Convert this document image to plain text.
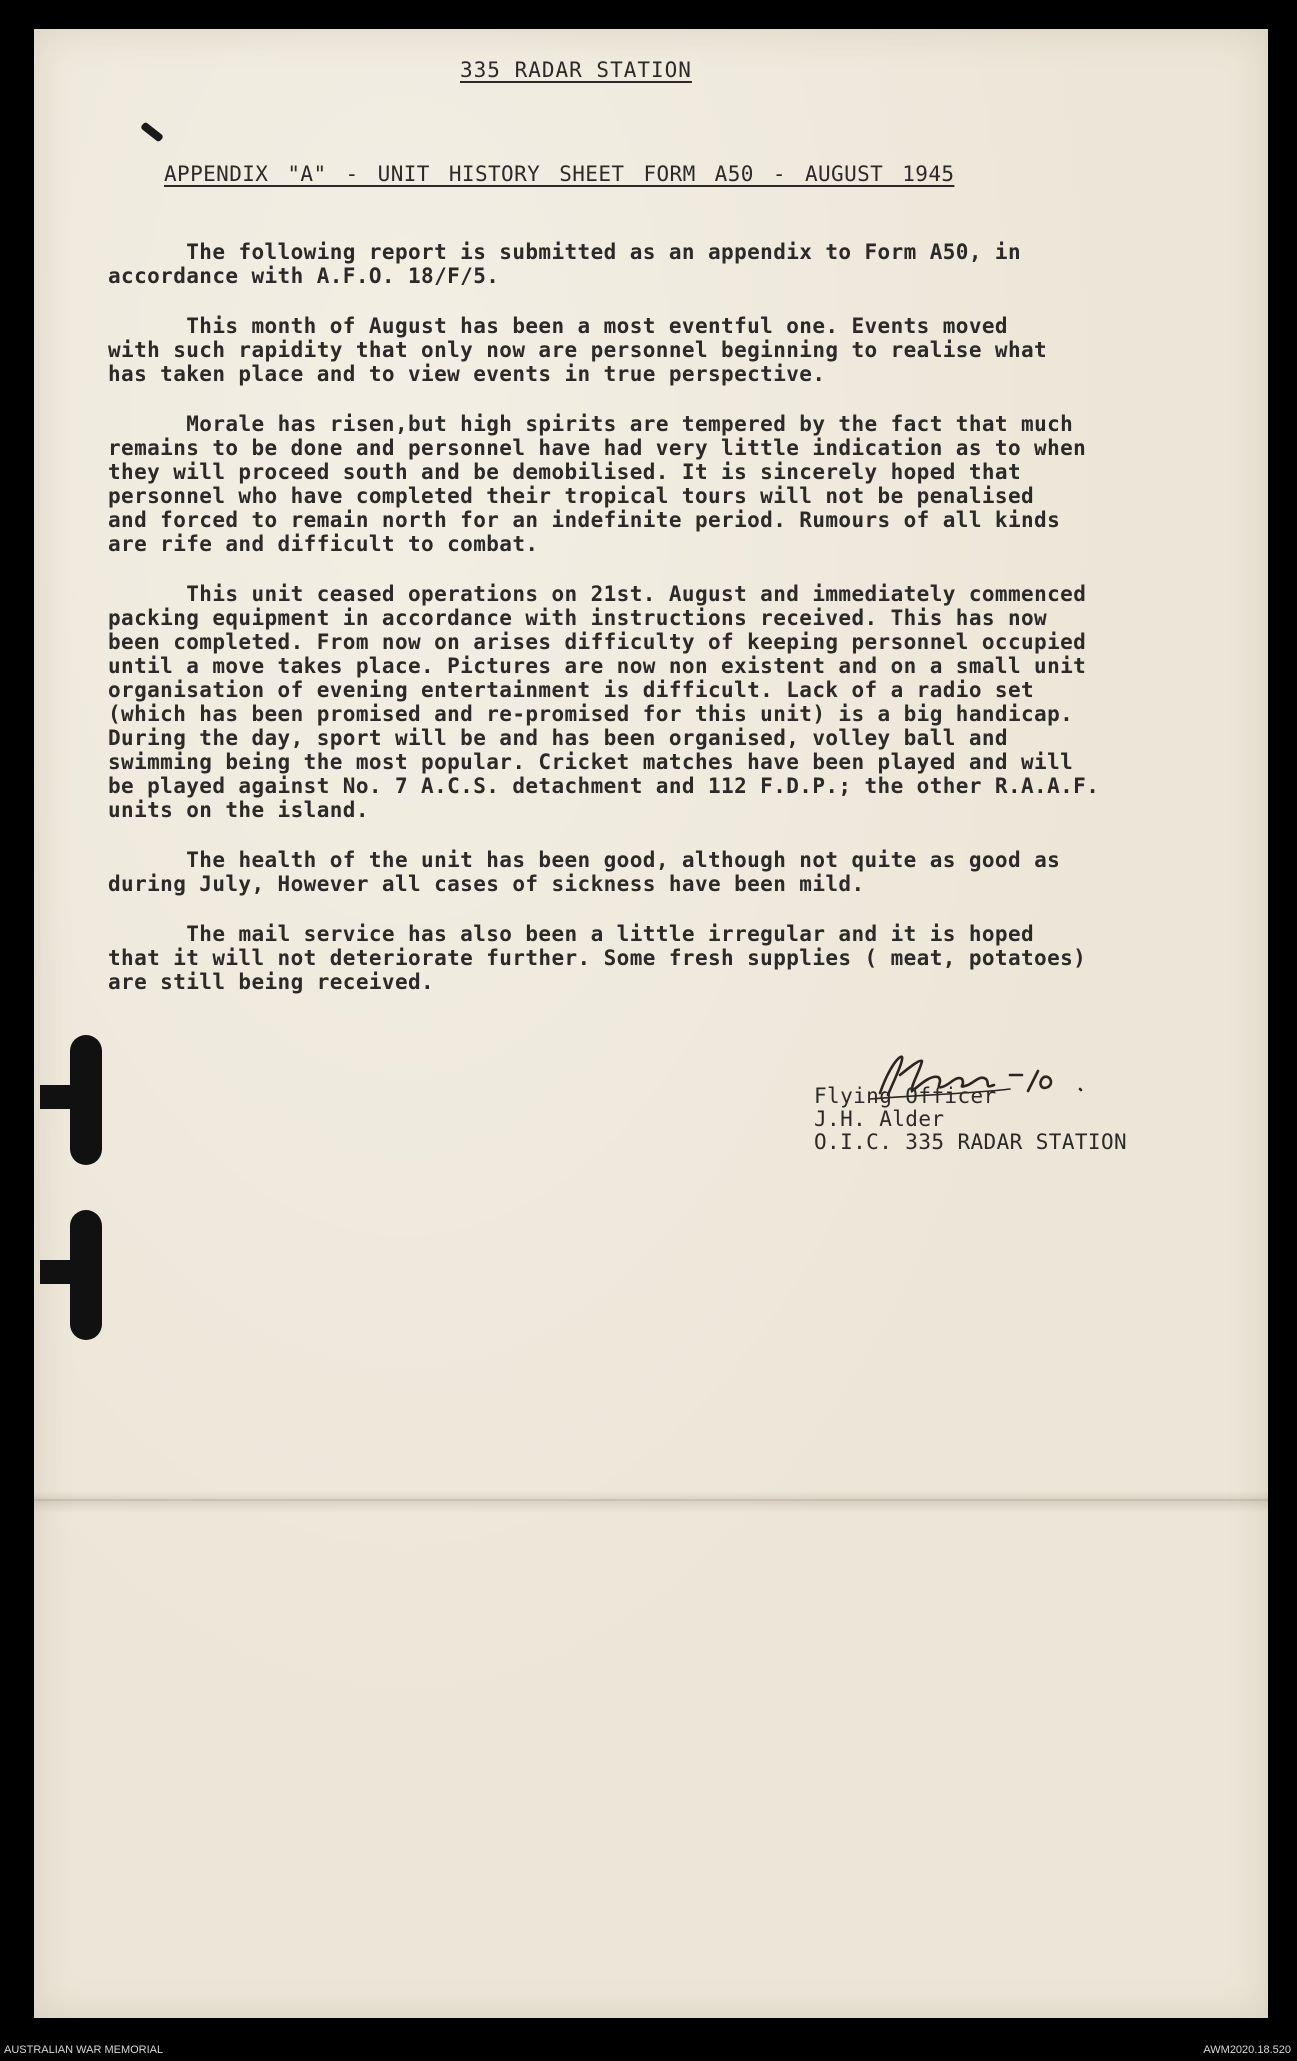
335 RADAR STATION
APPENDIX "A" - UNIT HISTORY SHEET FORM A50 - AUGUST 1945

The following report is submitted as an appendix to Form A50, in
accordance with A.F.O. 18/F/5.

This month of August has been a most eventful one. Events moved
with such rapidity that only now are personnel beginning to realise what
has taken place and to view events in true perspective.

Morale has risen,but high spirits are tempered by the fact that much
remains to be done and personnel have had very little indication as to when
they will proceed south and be demobilised. It is sincerely hoped that
personnel who have completed their tropical tours will not be penalised
and forced to remain north for an indefinite period. Rumours of all kinds
are rife and difficult to combat.

This unit ceased operations on 21st. August and immediately commenced
packing equipment in accordance with instructions received. This has now
been completed. From now on arises difficulty of keeping personnel occupied
until a move takes place. Pictures are now non existent and on a small unit
organisation of evening entertainment is difficult. Lack of a radio set
(which has been promised and re-promised for this unit) is a big handicap.
During the day, sport will be and has been organised, volley ball and
swimming being the most popular. Cricket matches have been played and will
be played against No. 7 A.C.S. detachment and 112 F.D.P.; the other R.A.A.F.
units on the island.

The health of the unit has been good, although not quite as good as
during July, However all cases of sickness have been mild.

The mail service has also been a little irregular and it is hoped
that it will not deteriorate further. Some fresh supplies ( meat, potatoes)
are still being received.

Flying Officer

J.H. Alder

O.I.C. 335 RADAR STATION

AUSTRALIAN WAR MEMORIAL	AWM2020.18.520
